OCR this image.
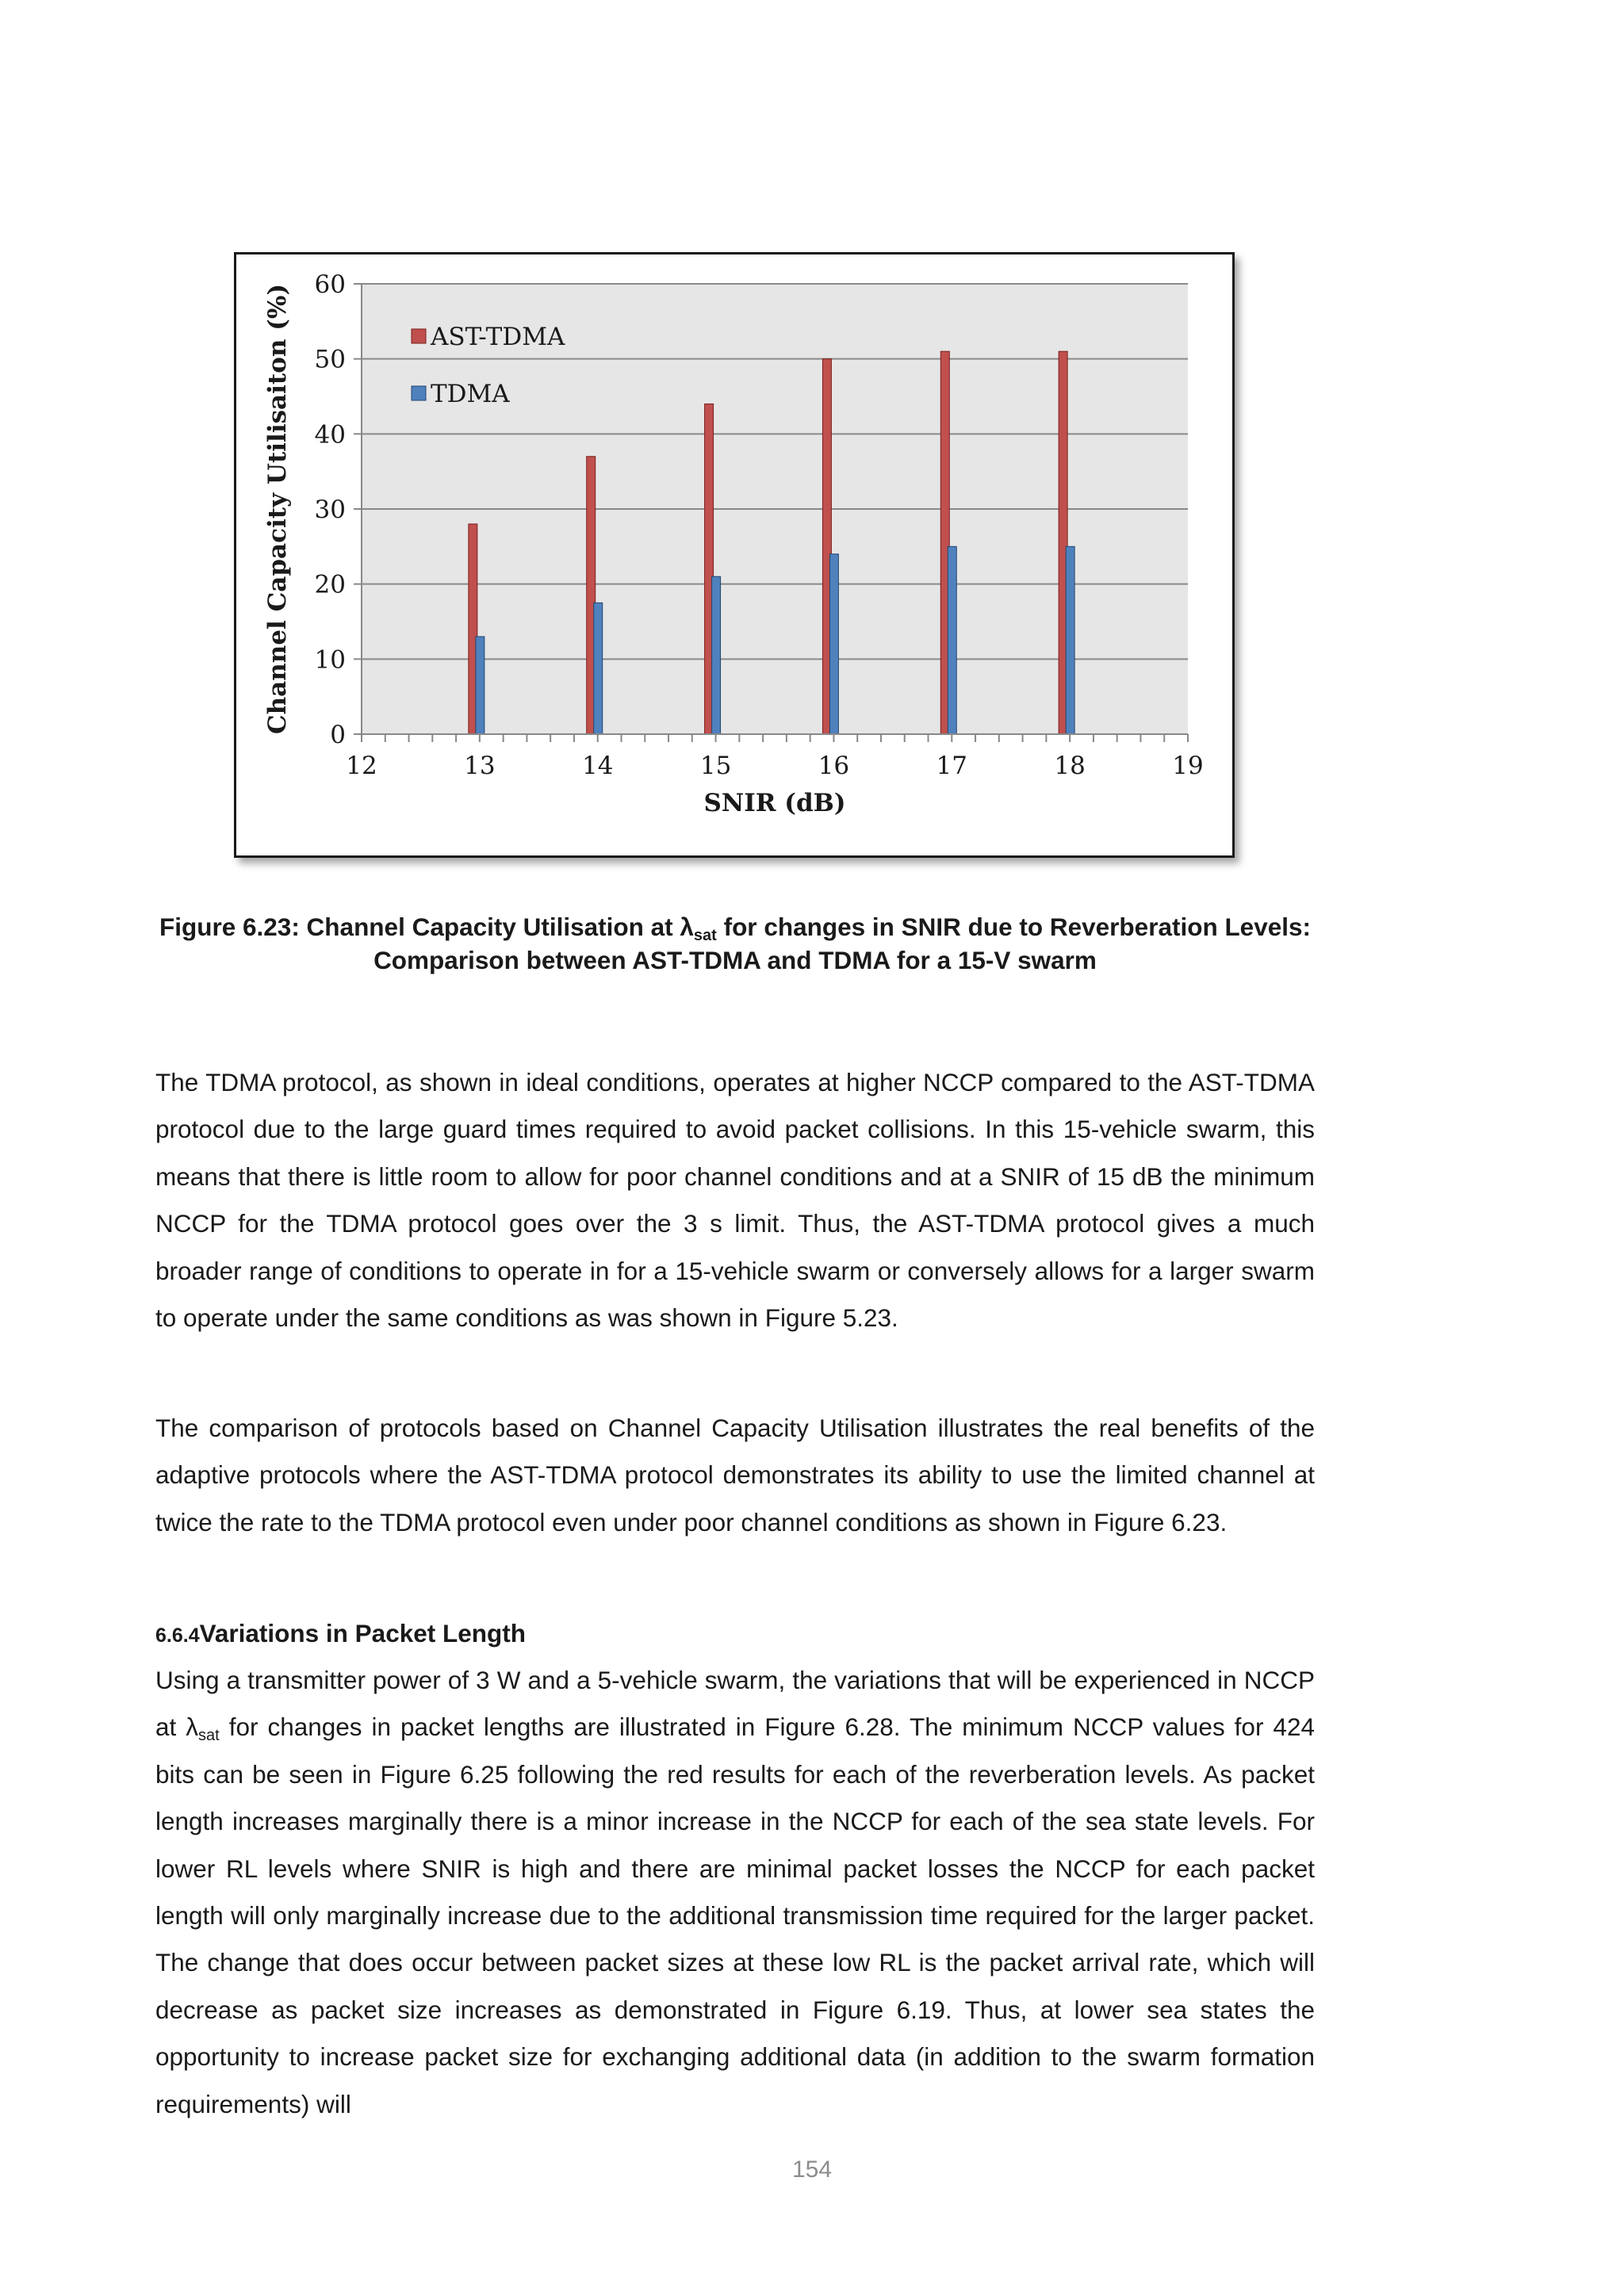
12	13	14	15	16	17	18	19
0
10
20
30
40
50
60
AST-TDMA
TDMA
SNIR (dB)
Channel Capacity Utilisaiton (%)
Figure 6.23: Channel Capacity Utilisation at $\lambda_{sat}$ for changes in SNIR due to Reverberation Levels: Comparison between AST-TDMA and TDMA for a 15-V swarm

The TDMA protocol, as shown in ideal conditions, operates at higher NCCP compared to the AST-TDMA protocol due to the large guard times required to avoid packet collisions. In this 15-vehicle swarm, this means that there is little room to allow for poor channel conditions and at a SNIR of 15 dB the minimum NCCP for the TDMA protocol goes over the 3 s limit. Thus, the AST-TDMA protocol gives a much broader range of conditions to operate in for a 15-vehicle swarm or conversely allows for a larger swarm to operate under the same conditions as was shown in Figure 5.23.

The comparison of protocols based on Channel Capacity Utilisation illustrates the real benefits of the adaptive protocols where the AST-TDMA protocol demonstrates its ability to use the limited channel at twice the rate to the TDMA protocol even under poor channel conditions as shown in Figure 6.23.

6.6.4Variations in Packet Length

Using a transmitter power of 3 W and a 5-vehicle swarm, the variations that will be experienced in NCCP at $\lambda_{sat}$ for changes in packet lengths are illustrated in Figure 6.28. The minimum NCCP values for 424 bits can be seen in Figure 6.25 following the red results for each of the reverberation levels. As packet length increases marginally there is a minor increase in the NCCP for each of the sea state levels. For lower RL levels where SNIR is high and there are minimal packet losses the NCCP for each packet length will only marginally increase due to the additional transmission time required for the larger packet. The change that does occur between packet sizes at these low RL is the packet arrival rate, which will decrease as packet size increases as demonstrated in Figure 6.19. Thus, at lower sea states the opportunity to increase packet size for exchanging additional data (in addition to the swarm formation requirements) will

154
